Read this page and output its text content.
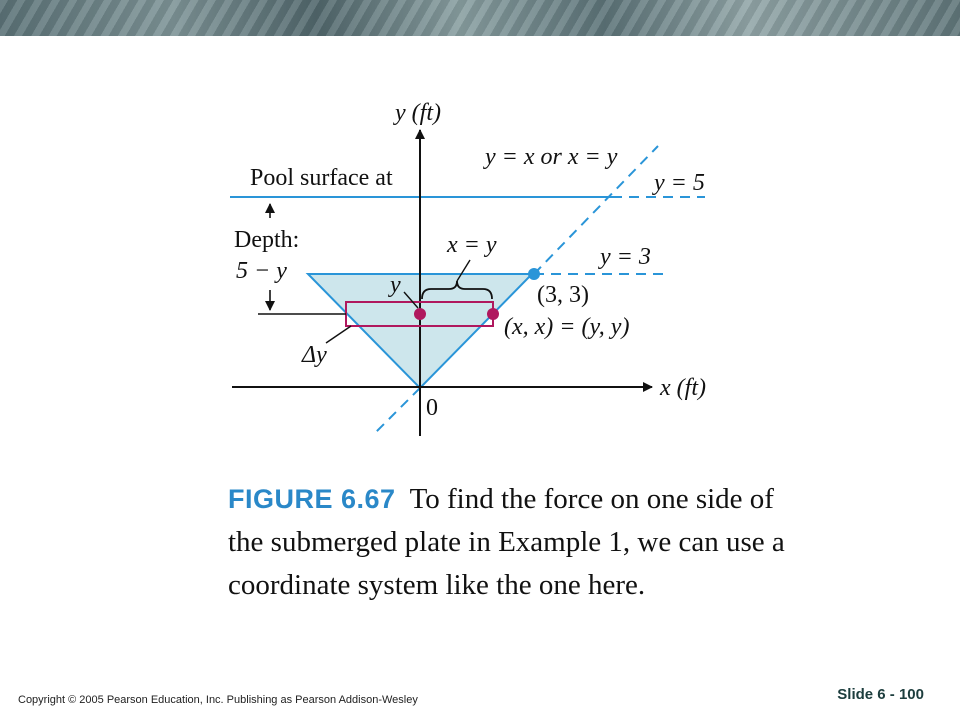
y (ft)
x (ft)
0
y = x or x = y
y = 5
y = 3
Pool surface at
Depth:
5 − y
x = y
y	(3, 3)
(x, x) = (y, y)
Δy
FIGURE 6.67 To find the force on one side of the submerged plate in Example 1, we can use a coordinate system like the one here.
Copyright © 2005 Pearson Education, Inc. Publishing as Pearson Addison-Wesley	Slide 6 - 100
